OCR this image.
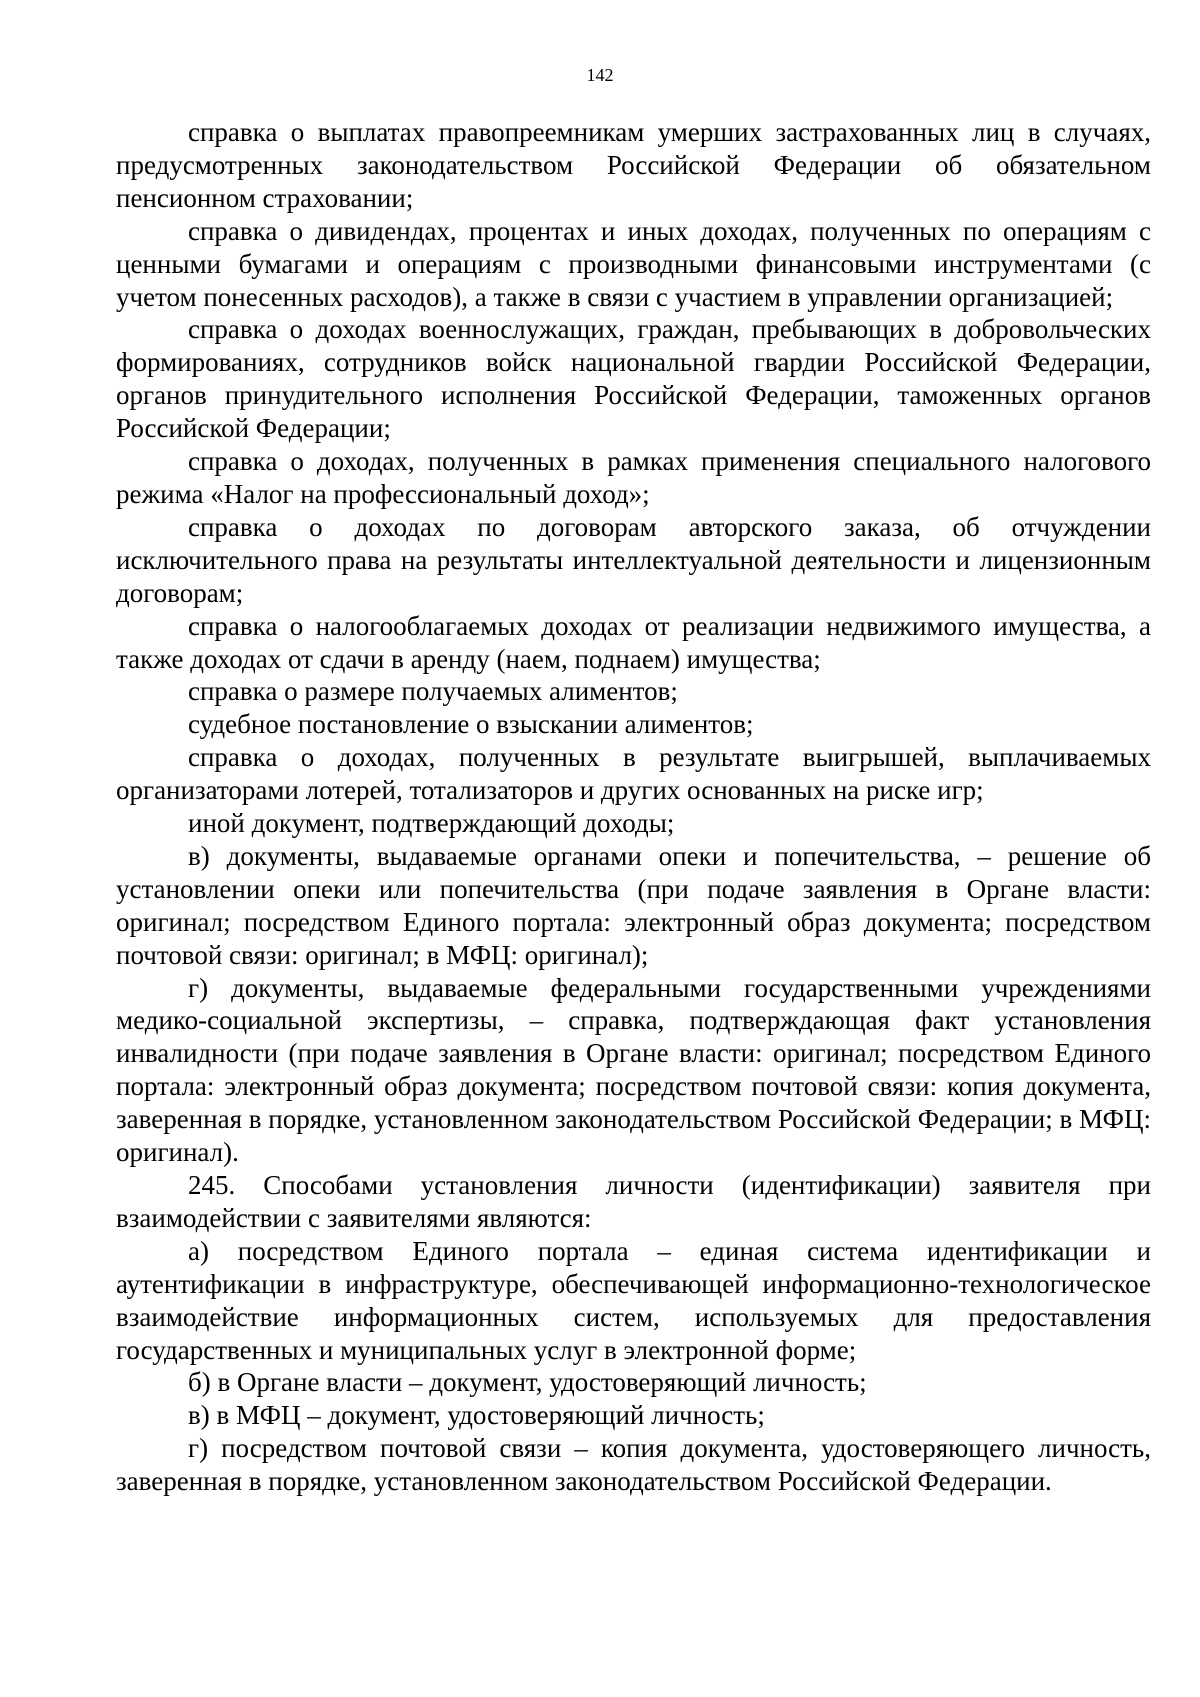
142

справка о выплатах правопреемникам умерших застрахованных лиц в случаях, предусмотренных законодательством Российской Федерации об обязательном пенсионном страховании;

справка о дивидендах, процентах и иных доходах, полученных по операциям с ценными бумагами и операциям с производными финансовыми инструментами (с учетом понесенных расходов), а также в связи с участием в управлении организацией;

справка о доходах военнослужащих, граждан, пребывающих в добровольческих формированиях, сотрудников войск национальной гвардии Российской Федерации, органов принудительного исполнения Российской Федерации, таможенных органов Российской Федерации;

справка о доходах, полученных в рамках применения специального налогового режима «Налог на профессиональный доход»;

справка о доходах по договорам авторского заказа, об отчуждении исключительного права на результаты интеллектуальной деятельности и лицензионным договорам;

справка о налогооблагаемых доходах от реализации недвижимого имущества, а также доходах от сдачи в аренду (наем, поднаем) имущества;

справка о размере получаемых алиментов;

судебное постановление о взыскании алиментов;

справка о доходах, полученных в результате выигрышей, выплачиваемых организаторами лотерей, тотализаторов и других основанных на риске игр;

иной документ, подтверждающий доходы;

в) документы, выдаваемые органами опеки и попечительства, – решение об установлении опеки или попечительства (при подаче заявления в Органе власти: оригинал; посредством Единого портала: электронный образ документа; посредством почтовой связи: оригинал; в МФЦ: оригинал);

г) документы, выдаваемые федеральными государственными учреждениями медико-социальной экспертизы, – справка, подтверждающая факт установления инвалидности (при подаче заявления в Органе власти: оригинал; посредством Единого портала: электронный образ документа; посредством почтовой связи: копия документа, заверенная в порядке, установленном законодательством Российской Федерации; в МФЦ: оригинал).

245. Способами установления личности (идентификации) заявителя при взаимодействии с заявителями являются:

а) посредством Единого портала – единая система идентификации и аутентификации в инфраструктуре, обеспечивающей информационно-технологическое взаимодействие информационных систем, используемых для предоставления государственных и муниципальных услуг в электронной форме;

б) в Органе власти – документ, удостоверяющий личность;

в) в МФЦ – документ, удостоверяющий личность;

г) посредством почтовой связи – копия документа, удостоверяющего личность, заверенная в порядке, установленном законодательством Российской Федерации.
